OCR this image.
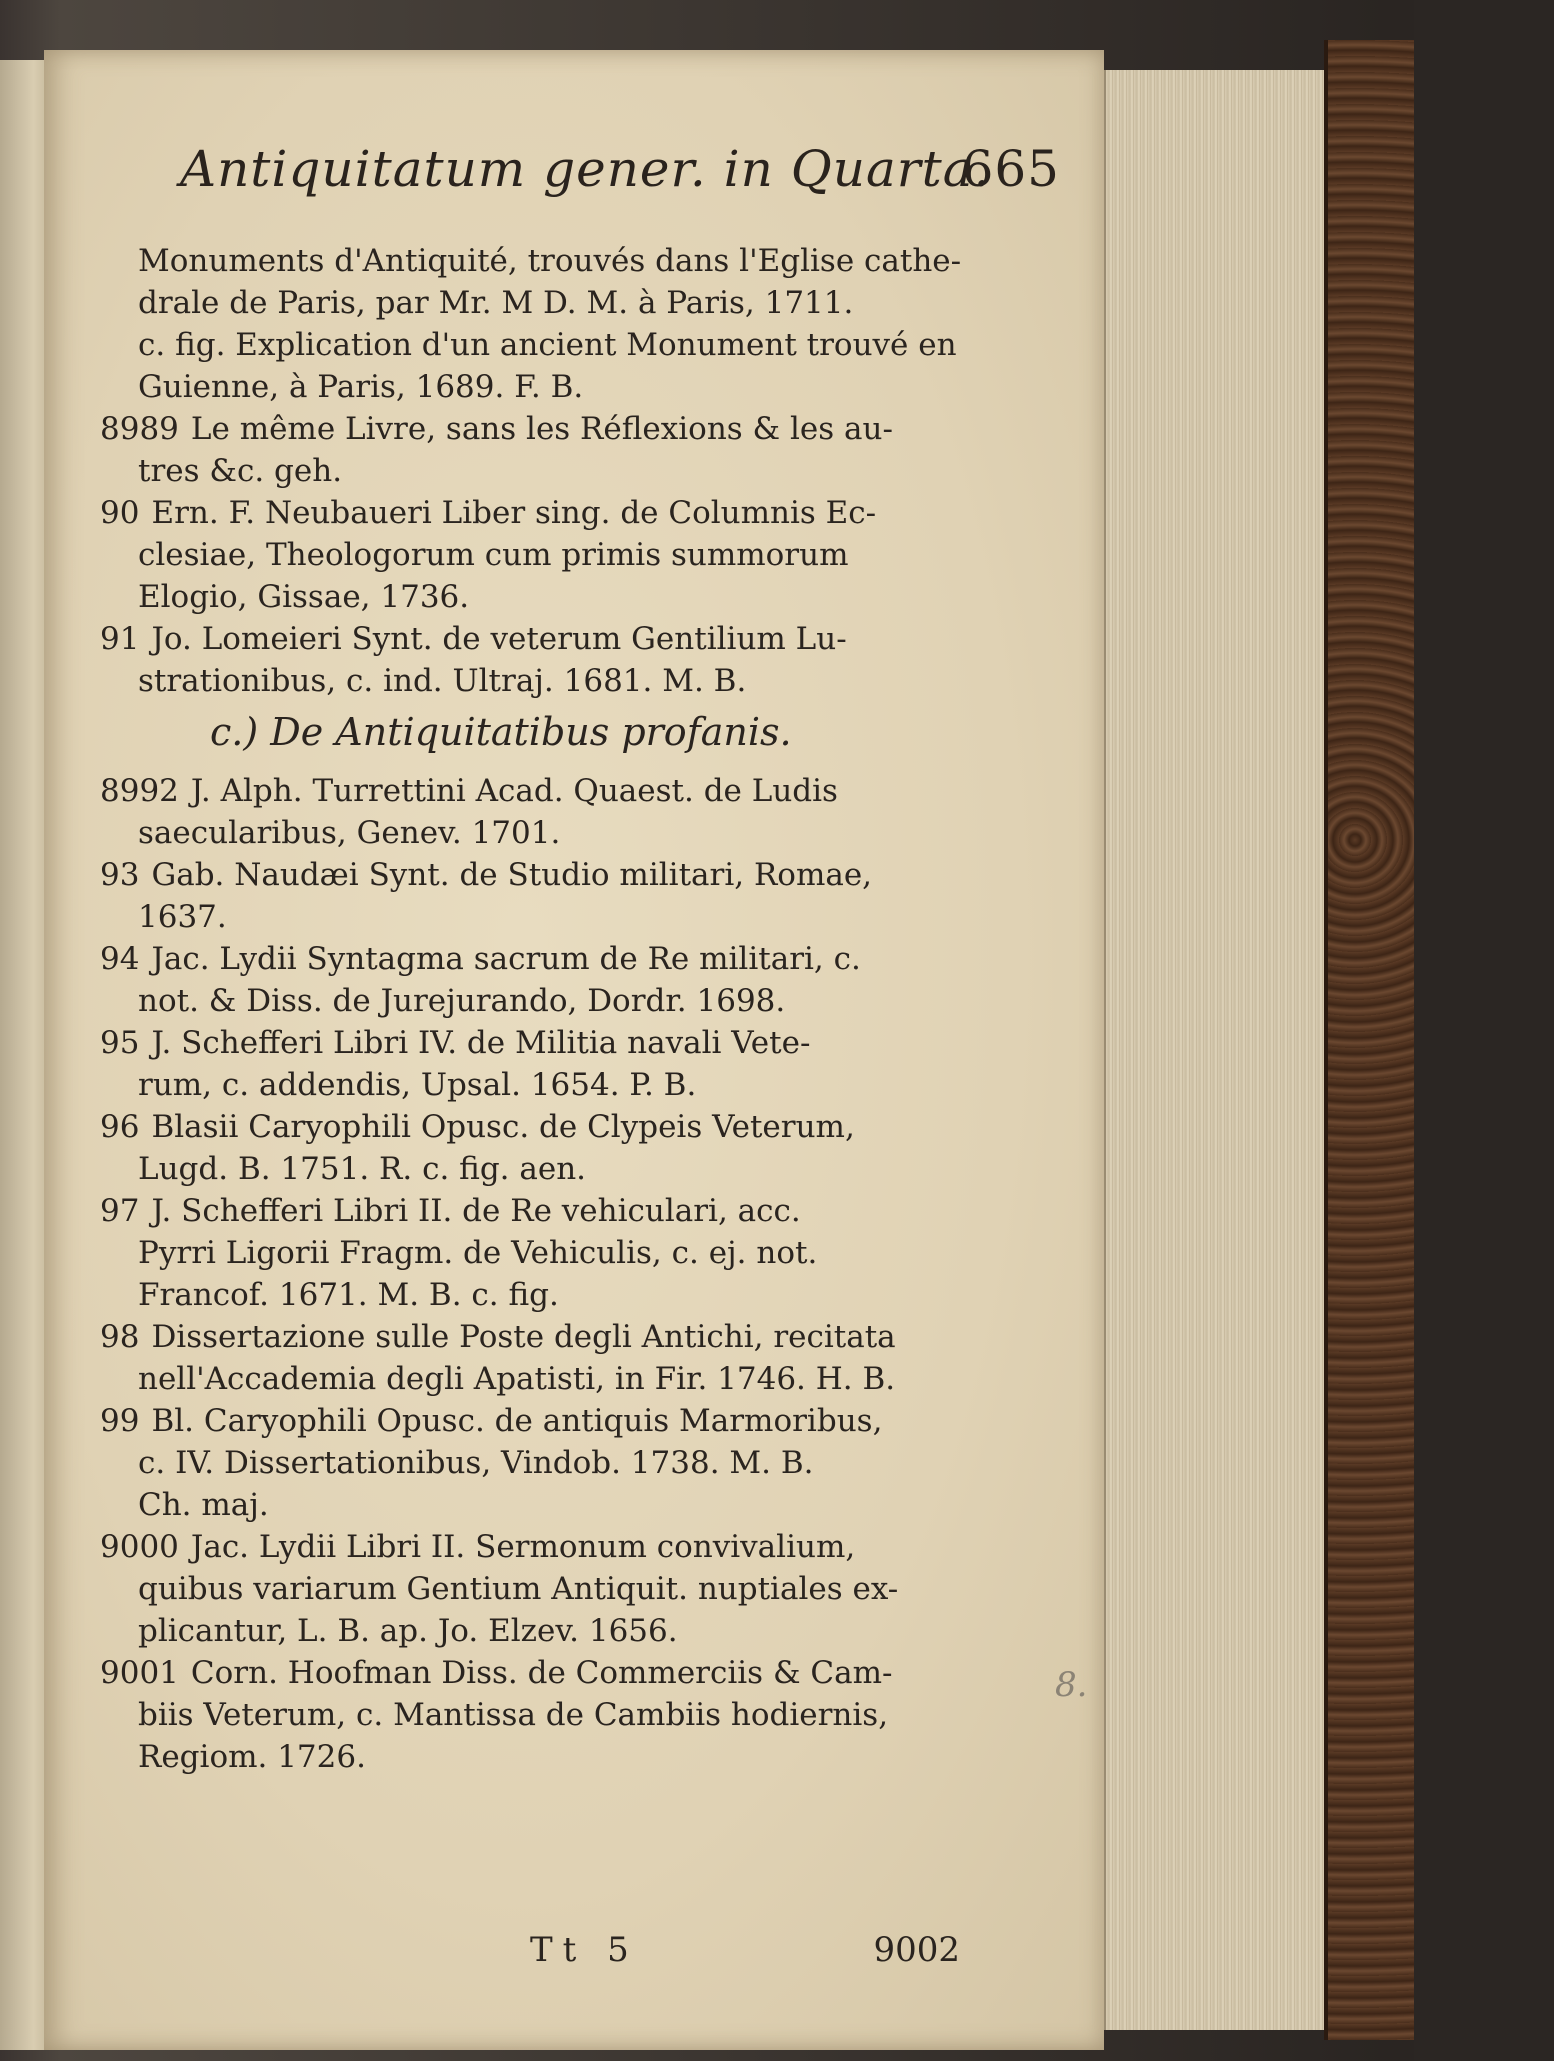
Antiquitatum gener. in Quarta.
665
Monuments d'Antiquité, trouvés dans l'Eglise cathe-
drale de Paris, par Mr. M D. M. à Paris, 1711.
c. fig. Explication d'un ancient Monument trouvé en
Guienne, à Paris, 1689. F. B.
8989 Le même Livre, sans les Réflexions & les au-
tres &c. geh.
90 Ern. F. Neubaueri Liber sing. de Columnis Ec-
clesiae, Theologorum cum primis summorum
Elogio, Gissae, 1736.
91 Jo. Lomeieri Synt. de veterum Gentilium Lu-
strationibus, c. ind. Ultraj. 1681. M. B.
c.) De Antiquitatibus profanis.
8992 J. Alph. Turrettini Acad. Quaest. de Ludis
saecularibus, Genev. 1701.
93 Gab. Naudæi Synt. de Studio militari, Romae,
1637.
94 Jac. Lydii Syntagma sacrum de Re militari, c.
not. & Diss. de Jurejurando, Dordr. 1698.
95 J. Schefferi Libri IV. de Militia navali Vete-
rum, c. addendis, Upsal. 1654. P. B.
96 Blasii Caryophili Opusc. de Clypeis Veterum,
Lugd. B. 1751. R. c. fig. aen.
97 J. Schefferi Libri II. de Re vehiculari, acc.
Pyrri Ligorii Fragm. de Vehiculis, c. ej. not.
Francof. 1671. M. B. c. fig.
98 Dissertazione sulle Poste degli Antichi, recitata
nell'Accademia degli Apatisti, in Fir. 1746. H. B.
99 Bl. Caryophili Opusc. de antiquis Marmoribus,
c. IV. Dissertationibus, Vindob. 1738. M. B.
Ch. maj.
9000 Jac. Lydii Libri II. Sermonum convivalium,
quibus variarum Gentium Antiquit. nuptiales ex-
plicantur, L. B. ap. Jo. Elzev. 1656.
9001 Corn. Hoofman Diss. de Commerciis & Cam-
biis Veterum, c. Mantissa de Cambiis hodiernis,
Regiom. 1726.
Tt 5	9002
8.
